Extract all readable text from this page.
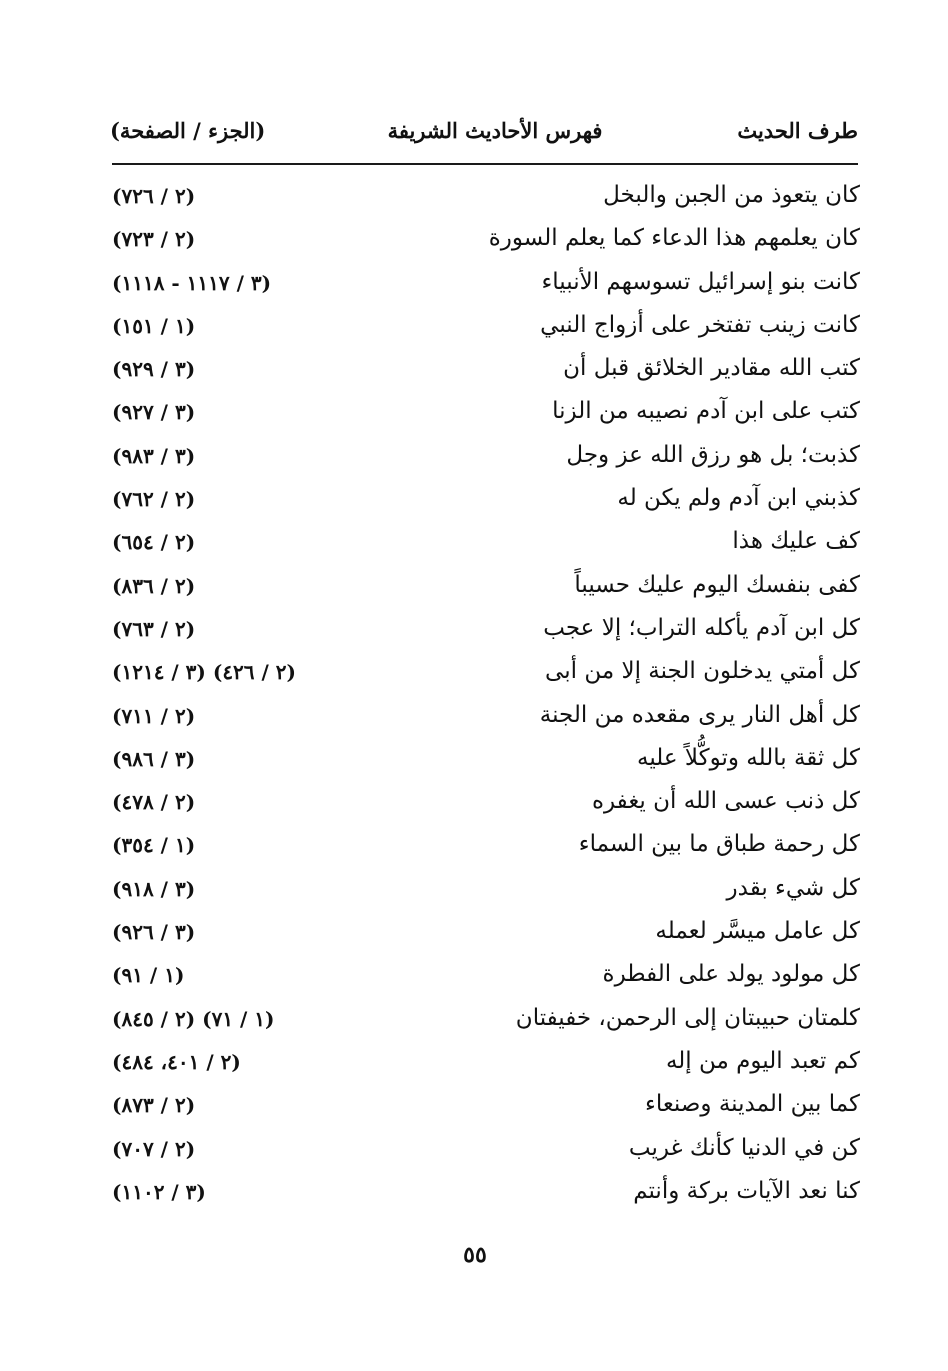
طرف الحديث
فهرس الأحاديث الشريفة
(الجزء / الصفحة)
كان يتعوذ من الجبن والبخل
(٢ / ٧٢٦)
كان يعلمهم هذا الدعاء كما يعلم السورة
(٢ / ٧٢٣)
كانت بنو إسرائيل تسوسهم الأنبياء
(٣ / ١١١٧ - ١١١٨)
كانت زينب تفتخر على أزواج النبي
(١ / ١٥١)
كتب الله مقادير الخلائق قبل أن
(٣ / ٩٢٩)
كتب على ابن آدم نصيبه من الزنا
(٣ / ٩٢٧)
كذبت؛ بل هو رزق الله عز وجل
(٣ / ٩٨٣)
كذبني ابن آدم ولم يكن له
(٢ / ٧٦٢)
كف عليك هذا
(٢ / ٦٥٤)
كفى بنفسك اليوم عليك حسيباً
(٢ / ٨٣٦)
كل ابن آدم يأكله التراب؛ إلا عجب
(٢ / ٧٦٣)
كل أمتي يدخلون الجنة إلا من أبى
(٢ / ٤٢٦) (٣ / ١٢١٤)
كل أهل النار يرى مقعده من الجنة
(٢ / ٧١١)
كل ثقة بالله وتوكُّلاً عليه
(٣ / ٩٨٦)
كل ذنب عسى الله أن يغفره
(٢ / ٤٧٨)
كل رحمة طباق ما بين السماء
(١ / ٣٥٤)
كل شيء بقدر
(٣ / ٩١٨)
كل عامل ميسَّر لعمله
(٣ / ٩٢٦)
كل مولود يولد على الفطرة
(١ / ٩١)
كلمتان حبيبتان إلى الرحمن، خفيفتان
(١ / ٧١) (٢ / ٨٤٥)
كم تعبد اليوم من إله
(٢ / ٤٠١، ٤٨٤)
كما بين المدينة وصنعاء
(٢ / ٨٧٣)
كن في الدنيا كأنك غريب
(٢ / ٧٠٧)
كنا نعد الآيات بركة وأنتم
(٣ / ١١٠٢)
٥٥
